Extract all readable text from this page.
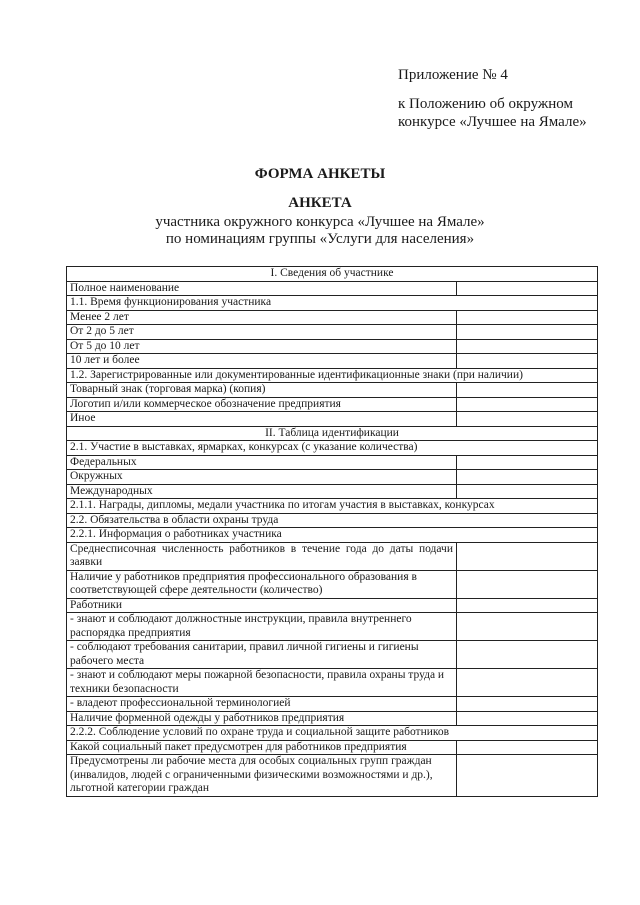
Приложение № 4
к Положению об окружном
конкурсе «Лучшее на Ямале»
ФОРМА АНКЕТЫ
АНКЕТА
участника окружного конкурса «Лучшее на Ямале»
по номинациям группы «Услуги для населения»
I. Сведения об участнике	
Полное наименование	
1.1. Время функционирования участника	
Менее 2 лет	
От 2 до 5 лет	
От 5 до 10 лет	
10 лет и более	
1.2. Зарегистрированные или документированные идентификационные знаки (при наличии)	
Товарный знак (торговая марка) (копия)	
Логотип и/или коммерческое обозначение предприятия	
Иное	
II. Таблица идентификации	
2.1. Участие в выставках, ярмарках, конкурсах (с указание количества)	
Федеральных	
Окружных	
Международных	
2.1.1. Награды, дипломы, медали участника по итогам участия в выставках, конкурсах	
2.2. Обязательства в области охраны труда	
2.2.1. Информация о работниках участника	
Среднесписочная численность работников в течение года до даты подачи заявки	
Наличие у работников предприятия профессионального образования в соответствующей сфере деятельности (количество)	
Работники	
- знают и соблюдают должностные инструкции, правила внутреннего распорядка предприятия	
- соблюдают требования санитарии, правил личной гигиены и гигиены рабочего места	
- знают и соблюдают меры пожарной безопасности, правила охраны труда и техники безопасности	
- владеют профессиональной терминологией	
Наличие форменной одежды у работников предприятия	
2.2.2. Соблюдение условий по охране труда и социальной защите работников	
Какой социальный пакет предусмотрен для работников предприятия	
Предусмотрены ли рабочие места для особых социальных групп граждан (инвалидов, людей с ограниченными физическими возможностями и др.), льготной категории граждан	
